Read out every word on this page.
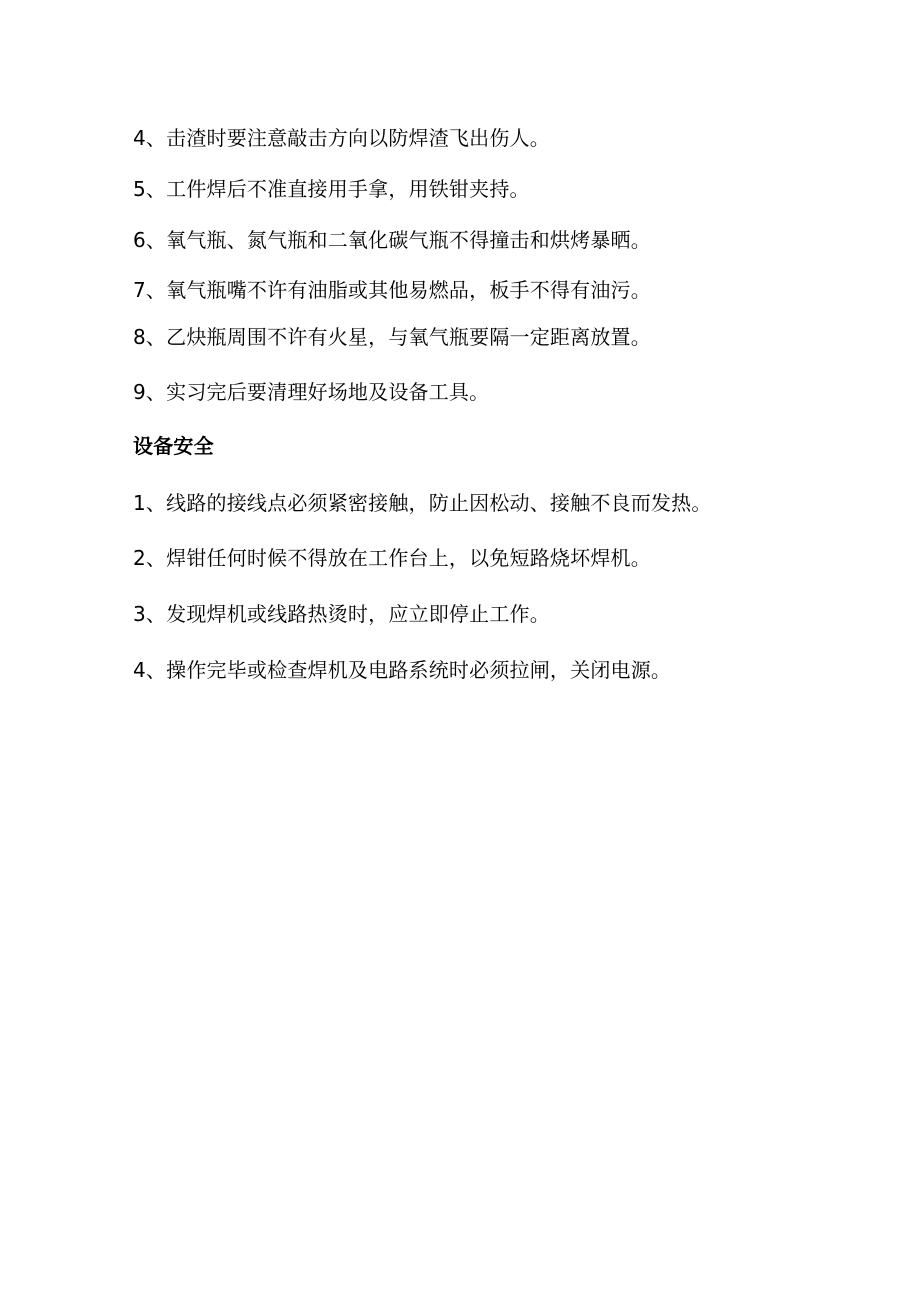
4、击渣时要注意敲击方向以防焊渣飞出伤人。
5、工件焊后不准直接用手拿，用铁钳夹持。
6、氧气瓶、氮气瓶和二氧化碳气瓶不得撞击和烘烤暴晒。
7、氧气瓶嘴不许有油脂或其他易燃品，板手不得有油污。
8、乙炔瓶周围不许有火星，与氧气瓶要隔一定距离放置。
9、实习完后要清理好场地及设备工具。
设备安全
1、线路的接线点必须紧密接触，防止因松动、接触不良而发热。
2、焊钳任何时候不得放在工作台上，以免短路烧坏焊机。
3、发现焊机或线路热烫时，应立即停止工作。
4、操作完毕或检查焊机及电路系统时必须拉闸，关闭电源。
